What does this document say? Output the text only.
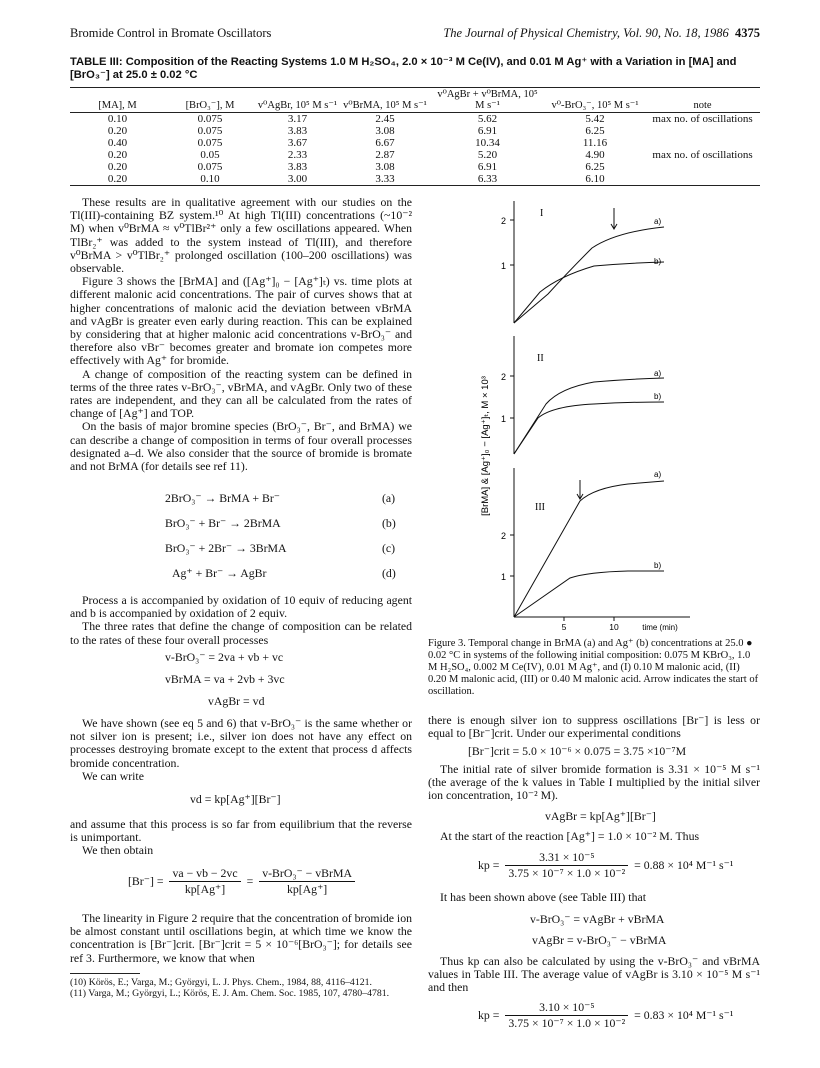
Bromide Control in Bromate Oscillators	The Journal of Physical Chemistry, Vol. 90, No. 18, 1986 4375
TABLE III: Composition of the Reacting Systems 1.0 M H₂SO₄, 2.0 × 10⁻³ M Ce(IV), and 0.01 M Ag⁺ with a Variation in [MA] and [BrO₃⁻] at 25.0 ± 0.02 °C
[MA], M	[BrO₃⁻], M	v⁰AgBr, 10⁵ M s⁻¹	v⁰BrMA, 10⁵ M s⁻¹	v⁰AgBr + v⁰BrMA, 10⁵ M s⁻¹	v⁰-BrO₃⁻, 10⁵ M s⁻¹	note
0.10	0.075	3.17	2.45	5.62	5.42	max no. of oscillations
0.20	0.075	3.83	3.08	6.91	6.25	
0.40	0.075	3.67	6.67	10.34	11.16	
0.20	0.05	2.33	2.87	5.20	4.90	max no. of oscillations
0.20	0.075	3.83	3.08	6.91	6.25	
0.20	0.10	3.00	3.33	6.33	6.10	

These results are in qualitative agreement with our studies on the Tl(III)-containing BZ system.¹⁰ At high Tl(III) concentrations (~10⁻² M) when v⁰BrMA ≈ v⁰TlBr²⁺ only a few oscillations appeared. When TlBr₂⁺ was added to the system instead of Tl(III), and therefore v⁰BrMA > v⁰TlBr₂⁺ prolonged oscillation (100–200 oscillations) was observable.

Figure 3 shows the [BrMA] and ([Ag⁺]₀ − [Ag⁺]ₜ) vs. time plots at different malonic acid concentrations. The pair of curves shows that at higher concentrations of malonic acid the deviation between vBrMA and vAgBr is greater even early during reaction. This can be explained by considering that at higher malonic acid concentrations v-BrO₃⁻ and therefore also vBr⁻ becomes greater and bromate ion competes more effectively with Ag⁺ for bromide.

A change of composition of the reacting system can be defined in terms of the three rates v-BrO₃⁻, vBrMA, and vAgBr. Only two of these rates are independent, and they can all be calculated from the rates of change of [Ag⁺] and TOP.

On the basis of major bromine species (BrO₃⁻, Br⁻, and BrMA) we can describe a change of composition in terms of four overall processes designated a–d. We also consider that the source of bromide is bromate and not BrMA (for details see ref 11).

2BrO₃⁻ → BrMA + Br⁻	(a)
BrO₃⁻ + Br⁻ → 2BrMA	(b)
BrO₃⁻ + 2Br⁻ → 3BrMA	(c)
Ag⁺ + Br⁻ → AgBr	(d)

Process a is accompanied by oxidation of 10 equiv of reducing agent and b is accompanied by oxidation of 2 equiv.

The three rates that define the change of composition can be related to the rates of these four overall processes

v-BrO₃⁻ = 2va + vb + vc
vBrMA = va + 2vb + 3vc
vAgBr = vd

We have shown (see eq 5 and 6) that v-BrO₃⁻ is the same whether or not silver ion is present; i.e., silver ion does not have any effect on processes destroying bromate except to the extent that process d affects bromide concentration.

We can write

vd = kp[Ag⁺][Br⁻]

and assume that this process is so far from equilibrium that the reverse is unimportant.

We then obtain

$[Br^-] = \frac{va - vb - 2vc}{kp[Ag^+]} = \frac{\text{v-BrO₃⁻ − vBrMA}}{kp[Ag^+]}$

The linearity in Figure 2 require that the concentration of bromide ion be almost constant until oscillations begin, at which time we know the concentration is [Br⁻]crit. [Br⁻]crit = 5 × 10⁻⁶[BrO₃⁻]; for details see ref 3. Furthermore, we know that when

(10) Körös, E.; Varga, M.; Györgyi, L. J. Phys. Chem., 1984, 88, 4116–4121.
(11) Varga, M.; Györgyi, L.; Körös, E. J. Am. Chem. Soc. 1985, 107, 4780–4781.
[BrMA] & [Ag⁺]₀ − [Ag⁺]ₜ, M × 10³
2
1
I
a)
b)
2
1
II
a)
b)
2
1
III
a)
b)
5	10	time (min)
Figure 3. Temporal change in BrMA (a) and Ag⁺ (b) concentrations at 25.0 ● 0.02 °C in systems of the following initial composition: 0.075 M KBrO₃, 1.0 M H₂SO₄, 0.002 M Ce(IV), 0.01 M Ag⁺, and (I) 0.10 M malonic acid, (II) 0.20 M malonic acid, (III) or 0.40 M malonic acid. Arrow indicates the start of oscillation.

there is enough silver ion to suppress oscillations [Br⁻] is less or equal to [Br⁻]crit. Under our experimental conditions

[Br⁻]crit = 5.0 × 10⁻⁶ × 0.075 = 3.75 ×10⁻⁷M

The initial rate of silver bromide formation is 3.31 × 10⁻⁵ M s⁻¹ (the average of the k values in Table I multiplied by the initial silver ion concentration, 10⁻² M).

vAgBr = kp[Ag⁺][Br⁻]

At the start of the reaction [Ag⁺] = 1.0 × 10⁻² M. Thus

kp = $\frac{\text{3.31 × 10⁻⁵}}{\text{3.75 × 10⁻⁷ × 1.0 × 10⁻²}} = 0.88 \times 10^4$ M⁻¹ s⁻¹

It has been shown above (see Table III) that

v-BrO₃⁻ = vAgBr + vBrMA
vAgBr = v-BrO₃⁻ − vBrMA

Thus kp can also be calculated by using the v-BrO₃⁻ and vBrMA values in Table III. The average value of vAgBr is 3.10 × 10⁻⁵ M s⁻¹ and then

kp = $\frac{\text{3.10 × 10⁻⁵}}{\text{3.75 × 10⁻⁷ × 1.0 × 10⁻²}} = 0.83 \times 10^4$ M⁻¹ s⁻¹
